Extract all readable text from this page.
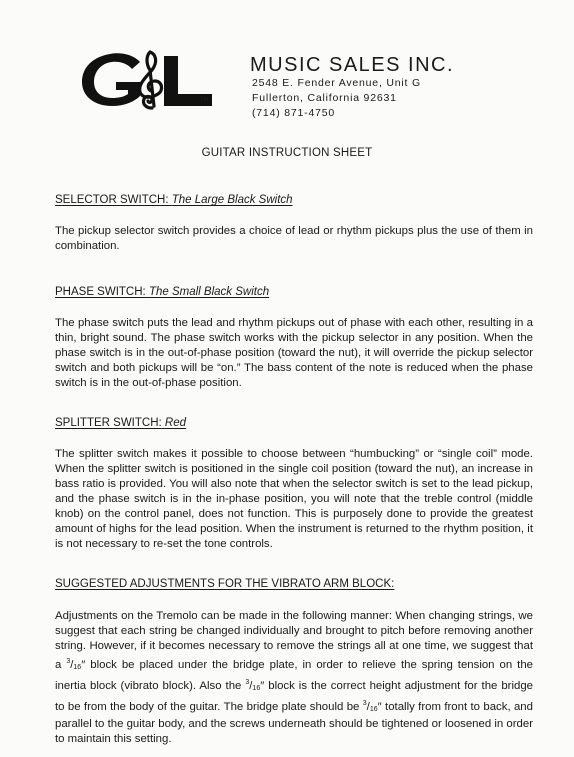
TM
MUSIC SALES INC.
2548 E. Fender Avenue, Unit G
Fullerton, California 92631
(714) 871-4750
GUITAR INSTRUCTION SHEET
SELECTOR SWITCH: The Large Black Switch

The pickup selector switch provides a choice of lead or rhythm pickups plus the use of them in combination.

PHASE SWITCH: The Small Black Switch

The phase switch puts the lead and rhythm pickups out of phase with each other, resulting in a thin, bright sound. The phase switch works with the pickup selector in any position. When the phase switch is in the out-of-phase position (toward the nut), it will override the pickup selector switch and both pickups will be “on.” The bass content of the note is reduced when the phase switch is in the out-of-phase position.

SPLITTER SWITCH: Red

The splitter switch makes it possible to choose between “humbucking” or “single coil” mode. When the splitter switch is positioned in the single coil position (toward the nut), an increase in bass ratio is provided. You will also note that when the selector switch is set to the lead pickup, and the phase switch is in the in-phase position, you will note that the treble control (middle knob) on the control panel, does not function. This is purposely done to provide the greatest amount of highs for the lead position. When the instrument is returned to the rhythm position, it is not necessary to re-set the tone controls.

SUGGESTED ADJUSTMENTS FOR THE VIBRATO ARM BLOCK:

Adjustments on the Tremolo can be made in the following manner: When changing strings, we suggest that each string be changed individually and brought to pitch before removing another string. However, if it becomes necessary to remove the strings all at one time, we suggest that a $^3/_{16}''$ block be placed under the bridge plate, in order to relieve the spring tension on the inertia block (vibrato block). Also the $^3/_{16}''$ block is the correct height adjustment for the bridge to be from the body of the guitar. The bridge plate should be $^3/_{16}''$ totally from front to back, and parallel to the guitar body, and the screws underneath should be tightened or loosened in order to maintain this setting.
